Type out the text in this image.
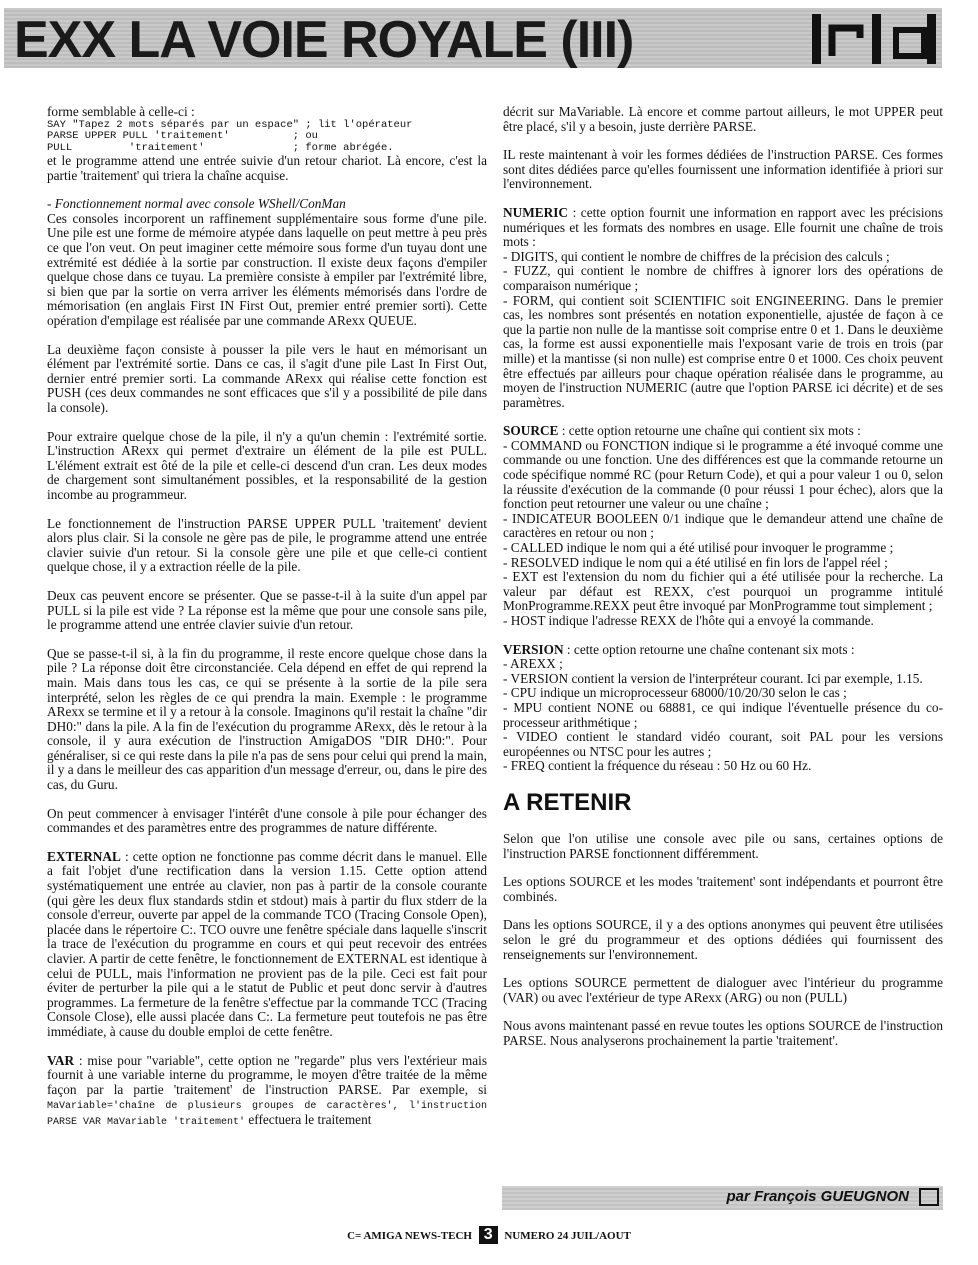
EXX LA VOIE ROYALE (III)

forme semblable à celle-ci :

SAY "Tapez 2 mots séparés par un espace" ; lit l'opérateur
PARSE UPPER PULL 'traitement'          ; ou
PULL         'traitement'              ; forme abrégée.

et le programme attend une entrée suivie d'un retour chariot. Là encore, c'est la partie 'traitement' qui triera la chaîne acquise.

- Fonctionnement normal avec console WShell/ConMan

Ces consoles incorporent un raffinement supplémentaire sous forme d'une pile. Une pile est une forme de mémoire atypée dans laquelle on peut mettre à peu près ce que l'on veut. On peut imaginer cette mémoire sous forme d'un tuyau dont une extrémité est dédiée à la sortie par construction. Il existe deux façons d'empiler quelque chose dans ce tuyau. La première consiste à empiler par l'extrémité libre, si bien que par la sortie on verra arriver les éléments mémorisés dans l'ordre de mémorisation (en anglais First IN First Out, premier entré premier sorti). Cette opération d'empilage est réalisée par une commande ARexx QUEUE.

La deuxième façon consiste à pousser la pile vers le haut en mémorisant un élément par l'extrémité sortie. Dans ce cas, il s'agit d'une pile Last In First Out, dernier entré premier sorti. La commande ARexx qui réalise cette fonction est PUSH (ces deux commandes ne sont efficaces que s'il y a possibilité de pile dans la console).

Pour extraire quelque chose de la pile, il n'y a qu'un chemin : l'extrémité sortie. L'instruction ARexx qui permet d'extraire un élément de la pile est PULL. L'élément extrait est ôté de la pile et celle-ci descend d'un cran. Les deux modes de chargement sont simultanément possibles, et la responsabilité de la gestion incombe au programmeur.

Le fonctionnement de l'instruction PARSE UPPER PULL 'traitement' devient alors plus clair. Si la console ne gère pas de pile, le programme attend une entrée clavier suivie d'un retour. Si la console gère une pile et que celle-ci contient quelque chose, il y a extraction réelle de la pile.

Deux cas peuvent encore se présenter. Que se passe-t-il à la suite d'un appel par PULL si la pile est vide ? La réponse est la même que pour une console sans pile, le programme attend une entrée clavier suivie d'un retour.

Que se passe-t-il si, à la fin du programme, il reste encore quelque chose dans la pile ? La réponse doit être circonstanciée. Cela dépend en effet de qui reprend la main. Mais dans tous les cas, ce qui se présente à la sortie de la pile sera interprété, selon les règles de ce qui prendra la main. Exemple : le programme ARexx se termine et il y a retour à la console. Imaginons qu'il restait la chaîne "dir DH0:" dans la pile. A la fin de l'exécution du programme ARexx, dès le retour à la console, il y aura exécution de l'instruction AmigaDOS "DIR DH0:". Pour généraliser, si ce qui reste dans la pile n'a pas de sens pour celui qui prend la main, il y a dans le meilleur des cas apparition d'un message d'erreur, ou, dans le pire des cas, du Guru.

On peut commencer à envisager l'intérêt d'une console à pile pour échanger des commandes et des paramètres entre des programmes de nature différente.

EXTERNAL : cette option ne fonctionne pas comme décrit dans le manuel. Elle a fait l'objet d'une rectification dans la version 1.15. Cette option attend systématiquement une entrée au clavier, non pas à partir de la console courante (qui gère les deux flux standards stdin et stdout) mais à partir du flux stderr de la console d'erreur, ouverte par appel de la commande TCO (Tracing Console Open), placée dans le répertoire C:. TCO ouvre une fenêtre spéciale dans laquelle s'inscrit la trace de l'exécution du programme en cours et qui peut recevoir des entrées clavier. A partir de cette fenêtre, le fonctionnement de EXTERNAL est identique à celui de PULL, mais l'information ne provient pas de la pile. Ceci est fait pour éviter de perturber la pile qui a le statut de Public et peut donc servir à d'autres programmes. La fermeture de la fenêtre s'effectue par la commande TCC (Tracing Console Close), elle aussi placée dans C:. La fermeture peut toutefois ne pas être immédiate, à cause du double emploi de cette fenêtre.

VAR : mise pour "variable", cette option ne "regarde" plus vers l'extérieur mais fournit à une variable interne du programme, le moyen d'être traitée de la même façon par la partie 'traitement' de l'instruction PARSE. Par exemple, si MaVariable='chaîne de plusieurs groupes de caractères', l'instruction PARSE VAR MaVariable 'traitement' effectuera le traitement

décrit sur MaVariable. Là encore et comme partout ailleurs, le mot UPPER peut être placé, s'il y a besoin, juste derrière PARSE.

IL reste maintenant à voir les formes dédiées de l'instruction PARSE. Ces formes sont dites dédiées parce qu'elles fournissent une information identifiée à priori sur l'environnement.

NUMERIC : cette option fournit une information en rapport avec les précisions numériques et les formats des nombres en usage. Elle fournit une chaîne de trois mots :

- DIGITS, qui contient le nombre de chiffres de la précision des calculs ;

- FUZZ, qui contient le nombre de chiffres à ignorer lors des opérations de comparaison numérique ;

- FORM, qui contient soit SCIENTIFIC soit ENGINEERING. Dans le premier cas, les nombres sont présentés en notation exponentielle, ajustée de façon à ce que la partie non nulle de la mantisse soit comprise entre 0 et 1. Dans le deuxième cas, la forme est aussi exponentielle mais l'exposant varie de trois en trois (par mille) et la mantisse (si non nulle) est comprise entre 0 et 1000. Ces choix peuvent être effectués par ailleurs pour chaque opération réalisée dans le programme, au moyen de l'instruction NUMERIC (autre que l'option PARSE ici décrite) et de ses paramètres.

SOURCE : cette option retourne une chaîne qui contient six mots :

- COMMAND ou FONCTION indique si le programme a été invoqué comme une commande ou une fonction. Une des différences est que la commande retourne un code spécifique nommé RC (pour Return Code), et qui a pour valeur 1 ou 0, selon la réussite d'exécution de la commande (0 pour réussi 1 pour échec), alors que la fonction peut retourner une valeur ou une chaîne ;

- INDICATEUR BOOLEEN 0/1 indique que le demandeur attend une chaîne de caractères en retour ou non ;

- CALLED indique le nom qui a été utilisé pour invoquer le programme ;

- RESOLVED indique le nom qui a été utilisé en fin lors de l'appel réel ;

- EXT est l'extension du nom du fichier qui a été utilisée pour la recherche. La valeur par défaut est REXX, c'est pourquoi un programme intitulé MonProgramme.REXX peut être invoqué par MonProgramme tout simplement ;

- HOST indique l'adresse REXX de l'hôte qui a envoyé la commande.

VERSION : cette option retourne une chaîne contenant six mots :

- AREXX ;

- VERSION contient la version de l'interpréteur courant. Ici par exemple, 1.15.

- CPU indique un microprocesseur 68000/10/20/30 selon le cas ;

- MPU contient NONE ou 68881, ce qui indique l'éventuelle présence du co-processeur arithmétique ;

- VIDEO contient le standard vidéo courant, soit PAL pour les versions européennes ou NTSC pour les autres ;

- FREQ contient la fréquence du réseau : 50 Hz ou 60 Hz.

A RETENIR

Selon que l'on utilise une console avec pile ou sans, certaines options de l'instruction PARSE fonctionnent différemment.

Les options SOURCE et les modes 'traitement' sont indépendants et pourront être combinés.

Dans les options SOURCE, il y a des options anonymes qui peuvent être utilisées selon le gré du programmeur et des options dédiées qui fournissent des renseignements sur l'environnement.

Les options SOURCE permettent de dialoguer avec l'intérieur du programme (VAR) ou avec l'extérieur de type ARexx (ARG) ou non (PULL)

Nous avons maintenant passé en revue toutes les options SOURCE de l'instruction PARSE. Nous analyserons prochainement la partie 'traitement'.

par François GUEUGNON
C= AMIGA NEWS-TECH 3 NUMERO 24 JUIL/AOUT
